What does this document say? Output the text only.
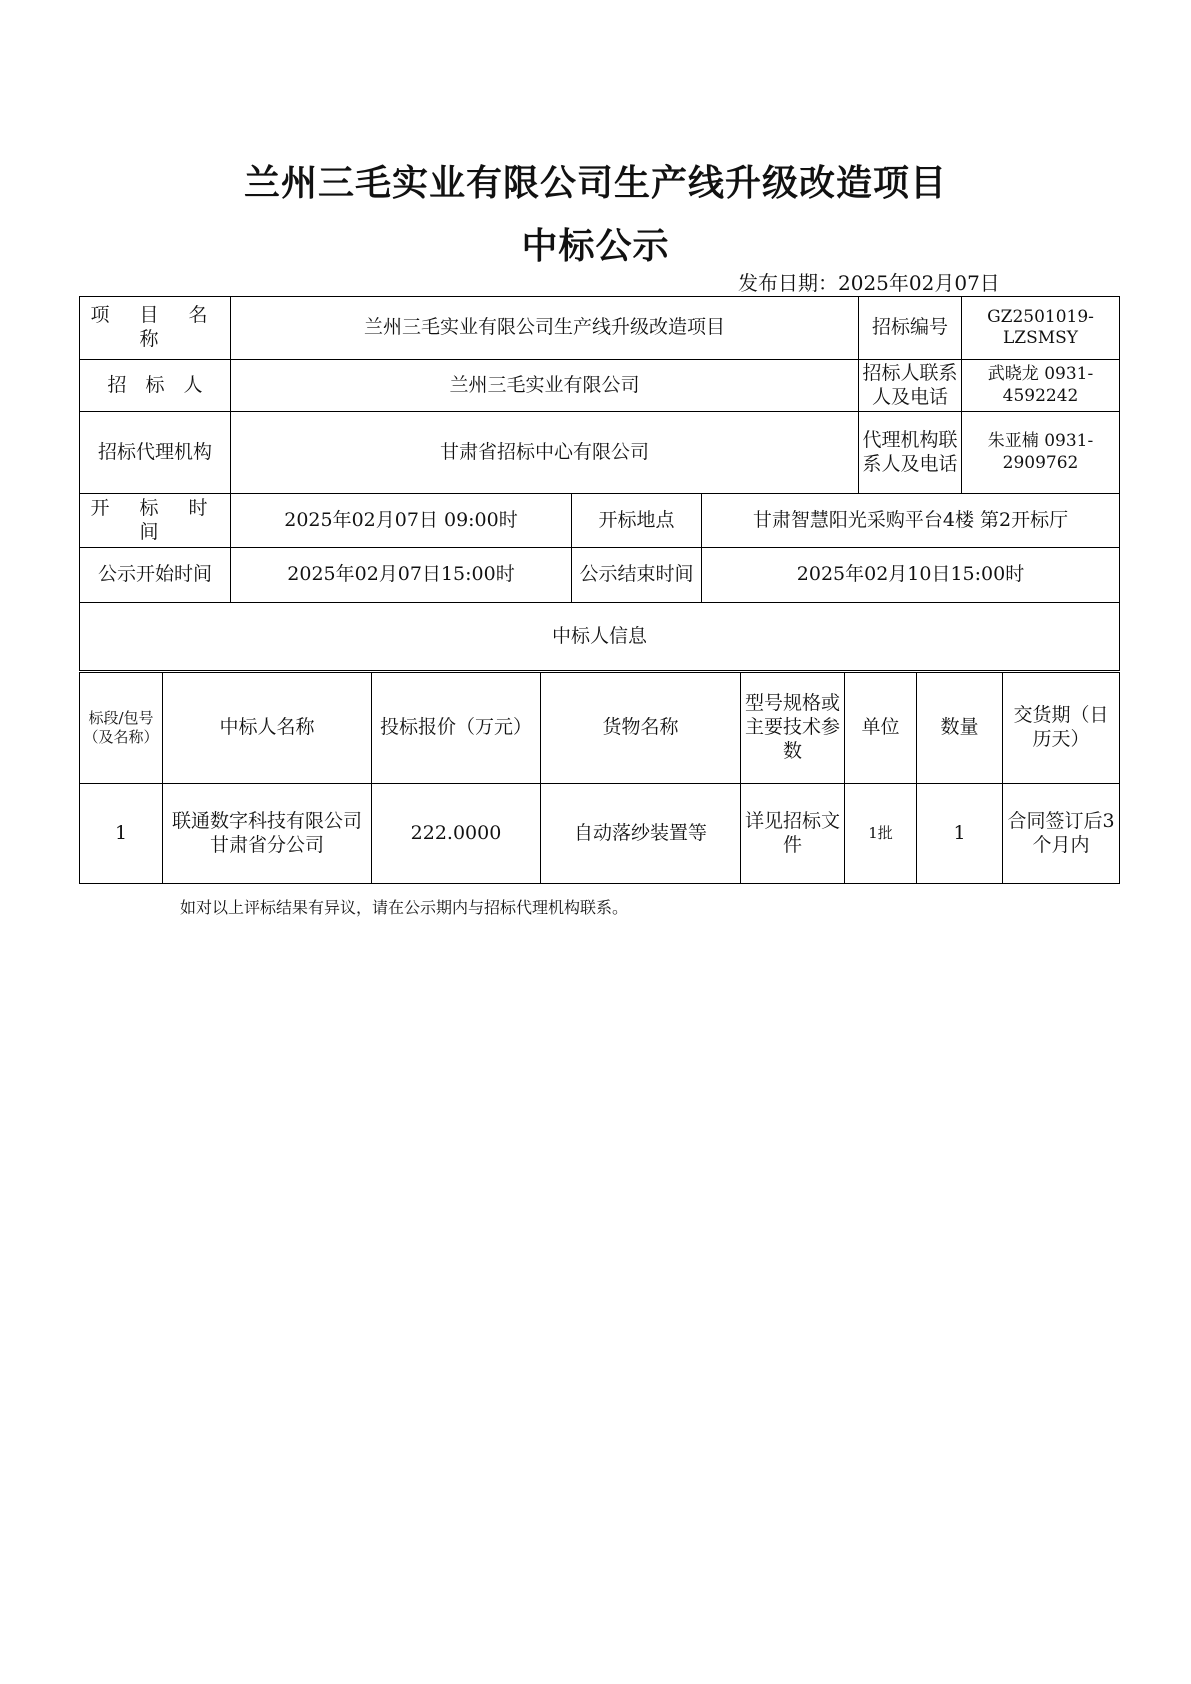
兰州三毛实业有限公司生产线升级改造项目
中标公示
发布日期：2025年02月07日
项 目 名 称	兰州三毛实业有限公司生产线升级改造项目			招标编号	GZ2501019-LZSMSY
招　标　人	兰州三毛实业有限公司			招标人联系人及电话	武晓龙 0931-4592242
招标代理机构	甘肃省招标中心有限公司			代理机构联系人及电话	朱亚楠 0931-2909762
开 标 时 间	2025年02月07日 09:00时	开标地点	甘肃智慧阳光采购平台4楼 第2开标厅		
公示开始时间	2025年02月07日15:00时	公示结束时间	2025年02月10日15:00时		
中标人信息					
标段/包号（及名称）	中标人名称	投标报价（万元）	货物名称	型号规格或主要技术参数	单位	数量	交货期（日历天）
1	联通数字科技有限公司甘肃省分公司	222.0000	自动落纱装置等	详见招标文件	1批	1	合同签订后3个月内
如对以上评标结果有异议，请在公示期内与招标代理机构联系。
